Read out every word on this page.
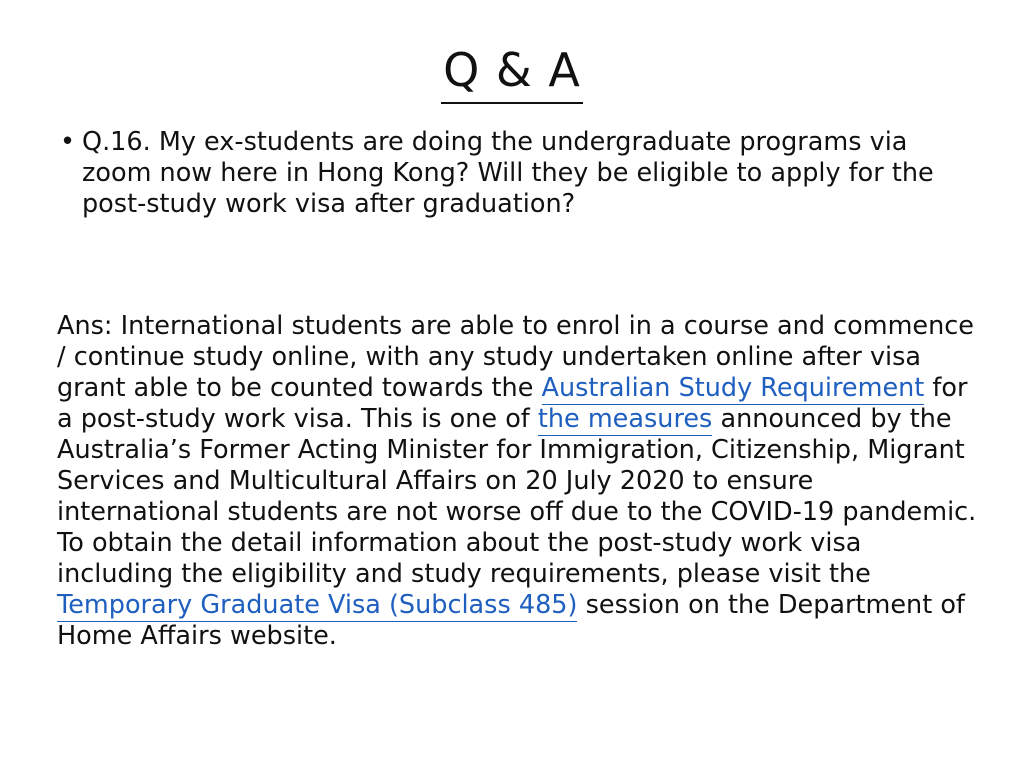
Q & A
• Q.16. My ex-students are doing the undergraduate programs via zoom now here in Hong Kong? Will they be eligible to apply for the post-study work visa after graduation?
Ans: International students are able to enrol in a course and commence / continue study online, with any study undertaken online after visa grant able to be counted towards the Australian Study Requirement for a post-study work visa. This is one of the measures announced by the Australia’s Former Acting Minister for Immigration, Citizenship, Migrant Services and Multicultural Affairs on 20 July 2020 to ensure international students are not worse off due to the COVID-19 pandemic. To obtain the detail information about the post-study work visa including the eligibility and study requirements, please visit the Temporary Graduate Visa (Subclass 485) session on the Department of Home Affairs website.
